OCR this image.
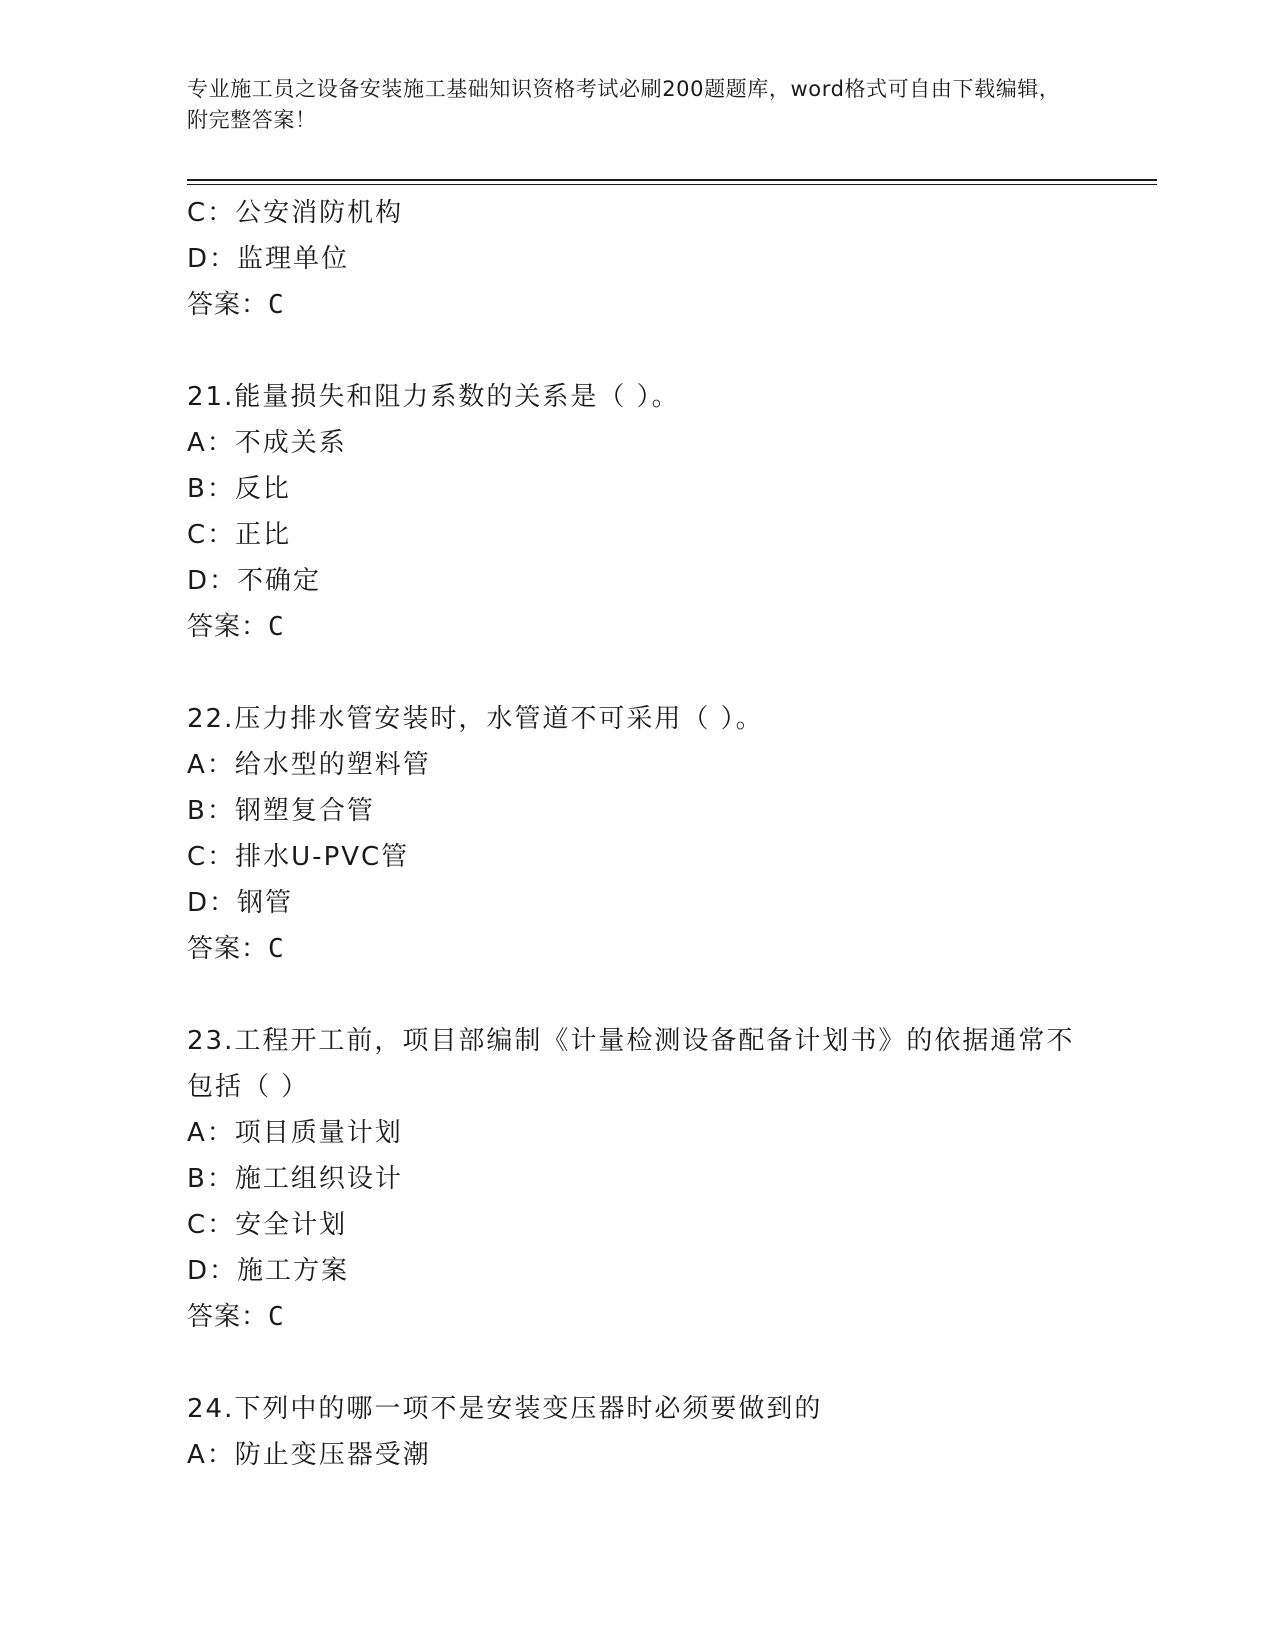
专业施工员之设备安装施工基础知识资格考试必刷200题题库，word格式可自由下载编辑，附完整答案！
C：公安消防机构
D：监理单位
答案：C
21.能量损失和阻力系数的关系是（ ）。
A：不成关系
B：反比
C：正比
D：不确定
答案：C
22.压力排水管安装时，水管道不可采用（ ）。
A：给水型的塑料管
B：钢塑复合管
C：排水U-PVC管
D：钢管
答案：C
23.工程开工前，项目部编制《计量检测设备配备计划书》的依据通常不包括（ ）
A：项目质量计划
B：施工组织设计
C：安全计划
D：施工方案
答案：C
24.下列中的哪一项不是安装变压器时必须要做到的
A：防止变压器受潮
